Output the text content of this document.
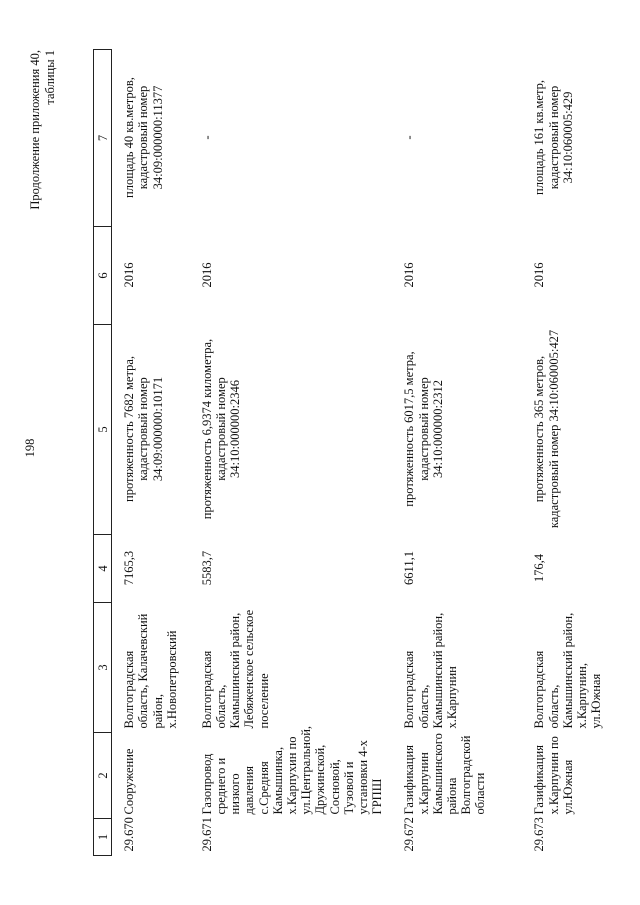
198
Продолжение приложения 40, таблицы 1
1	2	3	4	5	6	7
29.670	Сооружение	Волгоградская область, Калачевский район, х.Новопетровский	7165,3	протяженность 7682 метра, кадастровый номер 34:09:000000:10171	2016	площадь 40 кв.метров, кадастровый номер 34:09:000000:11377
29.671	Газопровод среднего и низкого давления с.Средняя Камышинка, х.Карпухин по ул.Центральной, Дружинской, Сосновой, Тузовой и установки 4-х ГРПШ	Волгоградская область, Камышинский район, Лебяженское сельское поселение	5583,7	протяженность 6,9374 километра, кадастровый номер 34:10:000000:2346	2016	-
29.672	Газификация х.Карпунин Камышинского района Волгоградской области	Волгоградская область, Камышинский район, х.Карпунин	6611,1	протяженность 6017,5 метра, кадастровый номер 34:10:000000:2312	2016	-
29.673	Газификация х.Карпунин по ул.Южная	Волгоградская область, Камышинский район, х.Карпунин, ул.Южная	176,4	протяженность 365 метров, кадастровый номер 34:10:060005:427	2016	площадь 161 кв.метр, кадастровый номер 34:10:060005:429
